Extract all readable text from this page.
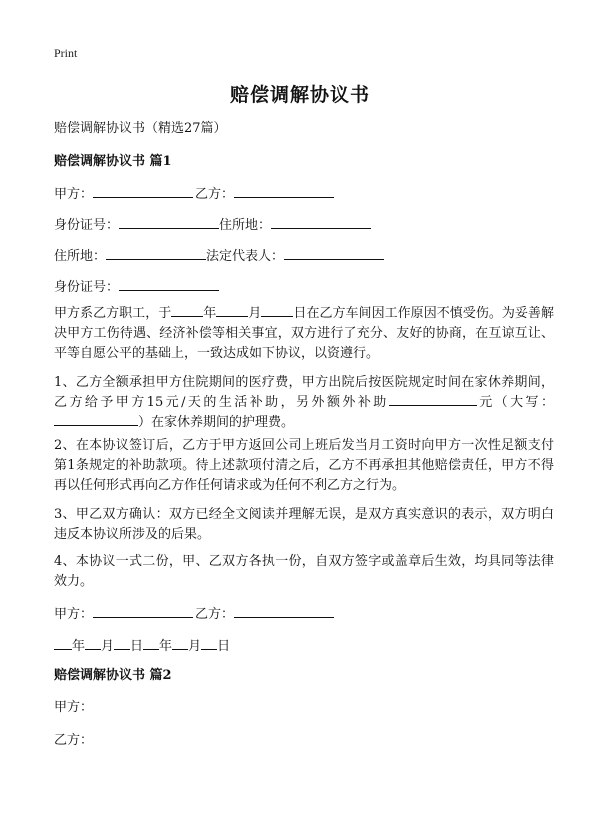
Print
赔偿调解协议书
赔偿调解协议书（精选27篇）
赔偿调解协议书 篇1
甲方：	乙方：
身份证号：	住所地：
住所地：	法定代表人：
身份证号：

甲方系乙方职工，于 年 月 日在乙方车间因工作原因不慎受伤。为妥善解决甲方工伤待遇、经济补偿等相关事宜，双方进行了充分、友好的协商，在互谅互让、平等自愿公平的基础上，一致达成如下协议，以资遵行。

1、乙方全额承担甲方住院期间的医疗费，甲方出院后按医院规定时间在家休养期间，乙方给予甲方15元/天的生活补助，另外额外补助	元（大写：）在家休养期间的护理费。

2、在本协议签订后，乙方于甲方返回公司上班后发当月工资时向甲方一次性足额支付第1条规定的补助款项。待上述款项付清之后，乙方不再承担其他赔偿责任，甲方不得再以任何形式再向乙方作任何请求或为任何不利乙方之行为。

3、甲乙双方确认：双方已经全文阅读并理解无误，是双方真实意识的表示，双方明白违反本协议所涉及的后果。

4、本协议一式二份，甲、乙双方各执一份，自双方签字或盖章后生效，均具同等法律效力。

甲方：	乙方：
年 月 日 年 月 日
赔偿调解协议书 篇2
甲方：
乙方：
